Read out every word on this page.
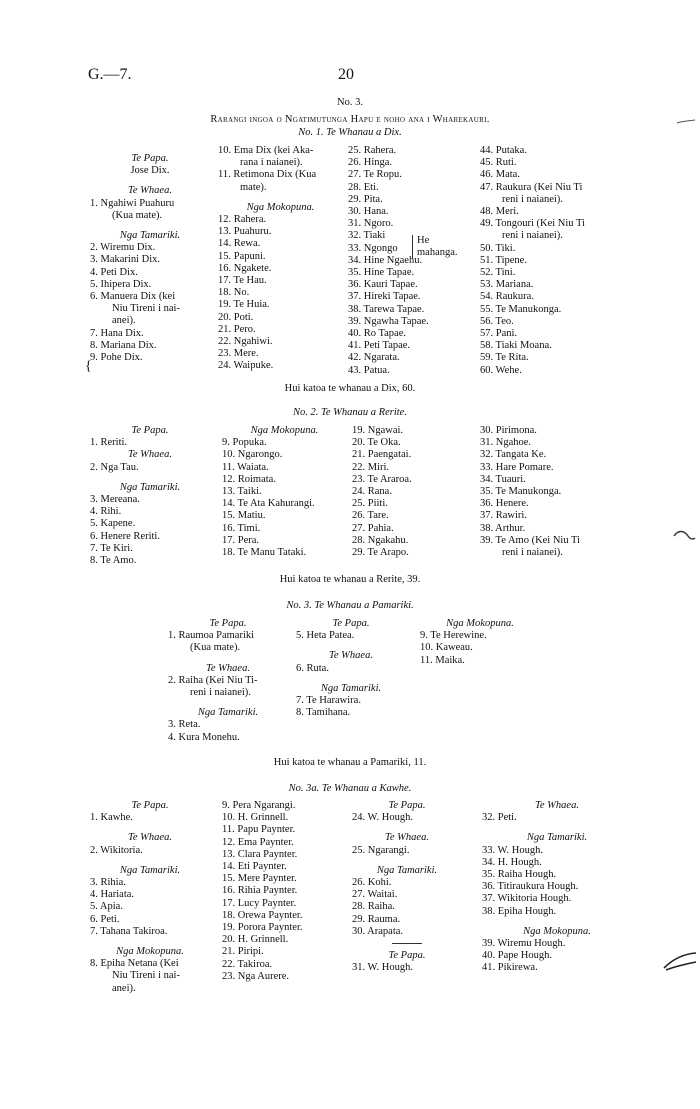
G.—7.	20
No. 3.
Rarangi ingoa o Ngatimutunga Hapu e noho ana i Wharekauri.
No. 1. Te Whanau a Dix.
Te Papa.
Jose Dix.
Te Whaea.
1. Ngahiwi Puahuru
(Kua mate).
Nga Tamariki.
2. Wiremu Dix.
3. Makarini Dix.
4. Peti Dix.
5. Ihipera Dix.
6. Manuera Dix (kei
Niu Tireni i nai-
anei).
7. Hana Dix.
8. Mariana Dix.
9. Pohe Dix.
{
10. Ema Dix (kei Aka-
rana i naianei).
11. Retimona Dix (Kua
mate).
Nga Mokopuna.
12. Rahera.
13. Puahuru.
14. Rewa.
15. Papuni.
16. Ngakete.
17. Te Hau.
18. No.
19. Te Huia.
20. Poti.
21. Pero.
22. Ngahiwi.
23. Mere.
24. Waipuke.
25. Rahera.
26. Hinga.
27. Te Ropu.
28. Eti.
29. Pita.
30. Hana.
31. Ngoro.
32. Tiaki
33. Ngongo
34. Hine Ngaehu.
35. Hine Tapae.
36. Kauri Tapae.
37. Hireki Tapae.
38. Tarewa Tapae.
39. Ngawha Tapae.
40. Ro Tapae.
41. Peti Tapae.
42. Ngarata.
43. Patua.
He mahanga.
44. Putaka.
45. Ruti.
46. Mata.
47. Raukura (Kei Niu Ti
reni i naianei).
48. Meri.
49. Tongouri (Kei Niu Ti
reni i naianei).
50. Tiki.
51. Tipene.
52. Tini.
53. Mariana.
54. Raukura.
55. Te Manukonga.
56. Teo.
57. Pani.
58. Tiaki Moana.
59. Te Rita.
60. Wehe.
Hui katoa te whanau a Dix, 60.
No. 2. Te Whanau a Rerite.
Te Papa.
1. Reriti.
Te Whaea.
2. Nga Tau.
Nga Tamariki.
3. Mereana.
4. Rihi.
5. Kapene.
6. Henere Reriti.
7. Te Kiri.
8. Te Amo.
Nga Mokopuna.
9. Popuka.
10. Ngarongo.
11. Waiata.
12. Roimata.
13. Taiki.
14. Te Ata Kahurangi.
15. Matiu.
16. Timi.
17. Pera.
18. Te Manu Tataki.
19. Ngawai.
20. Te Oka.
21. Paengatai.
22. Miri.
23. Te Araroa.
24. Rana.
25. Piiti.
26. Tare.
27. Pahia.
28. Ngakahu.
29. Te Arapo.
30. Pirimona.
31. Ngahoe.
32. Tangata Ke.
33. Hare Pomare.
34. Tuauri.
35. Te Manukonga.
36. Henere.
37. Rawiri.
38. Arthur.
39. Te Amo (Kei Niu Ti
reni i naianei).
Hui katoa te whanau a Rerite, 39.
No. 3. Te Whanau a Pamariki.
Te Papa.
1. Raumoa Pamariki
(Kua mate).
Te Whaea.
2. Raiha (Kei Niu Ti-
reni i naianei).
Nga Tamariki.
3. Reta.
4. Kura Monehu.
Te Papa.
5. Heta Patea.
Te Whaea.
6. Ruta.
Nga Tamariki.
7. Te Harawira.
8. Tamihana.
Nga Mokopuna.
9. Te Herewine.
10. Kaweau.
11. Maika.
Hui katoa te whanau a Pamariki, 11.
No. 3a. Te Whanau a Kawhe.
Te Papa.
1. Kawhe.
Te Whaea.
2. Wikitoria.
Nga Tamariki.
3. Rihia.
4. Hariata.
5. Apia.
6. Peti.
7. Tahana Takiroa.
Nga Mokopuna.
8. Epiha Netana (Kei
Niu Tireni i nai-
anei).
9. Pera Ngarangi.
10. H. Grinnell.
11. Papu Paynter.
12. Ema Paynter.
13. Clara Paynter.
14. Eti Paynter.
15. Mere Paynter.
16. Rihia Paynter.
17. Lucy Paynter.
18. Orewa Paynter.
19. Porora Paynter.
20. H. Grinnell.
21. Piripi.
22. Takiroa.
23. Nga Aurere.
Te Papa.
24. W. Hough.
Te Whaea.
25. Ngarangi.
Nga Tamariki.
26. Kohi.
27. Waitai.
28. Raiha.
29. Rauma.
30. Arapata.
Te Papa.
31. W. Hough.
Te Whaea.
32. Peti.
Nga Tamariki.
33. W. Hough.
34. H. Hough.
35. Raiha Hough.
36. Titiraukura Hough.
37. Wikitoria Hough.
38. Epiha Hough.
Nga Mokopuna.
39. Wiremu Hough.
40. Pape Hough.
41. Pikirewa.
